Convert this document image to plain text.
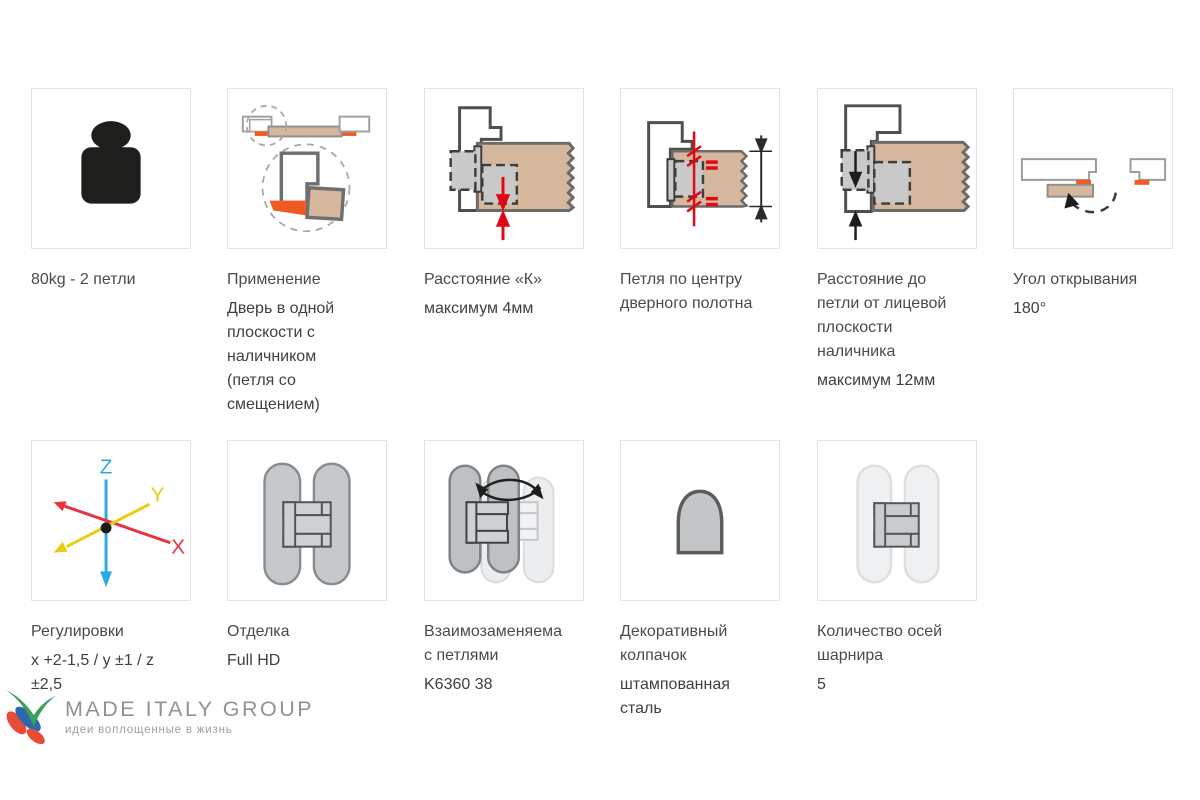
80kg - 2 петли	Применение
Дверь в одной плоскости с наличником (петля со смещением)
Расстояние «К»
максимум 4мм
Петля по центру дверного полотна
Расстояние до петли от лицевой плоскости наличника
максимум 12мм
Угол открывания
180°
Z
X
Y
Регулировки
x +2-1,5 / y ±1 / z ±2,5
Отделка
Full HD
Взаимозаменяема с петлями
K6360 38
Декоративный колпачок
штампованная сталь
Количество осей шарнира
5
MADE ITALY GROUP
идеи воплощенные в жизнь
